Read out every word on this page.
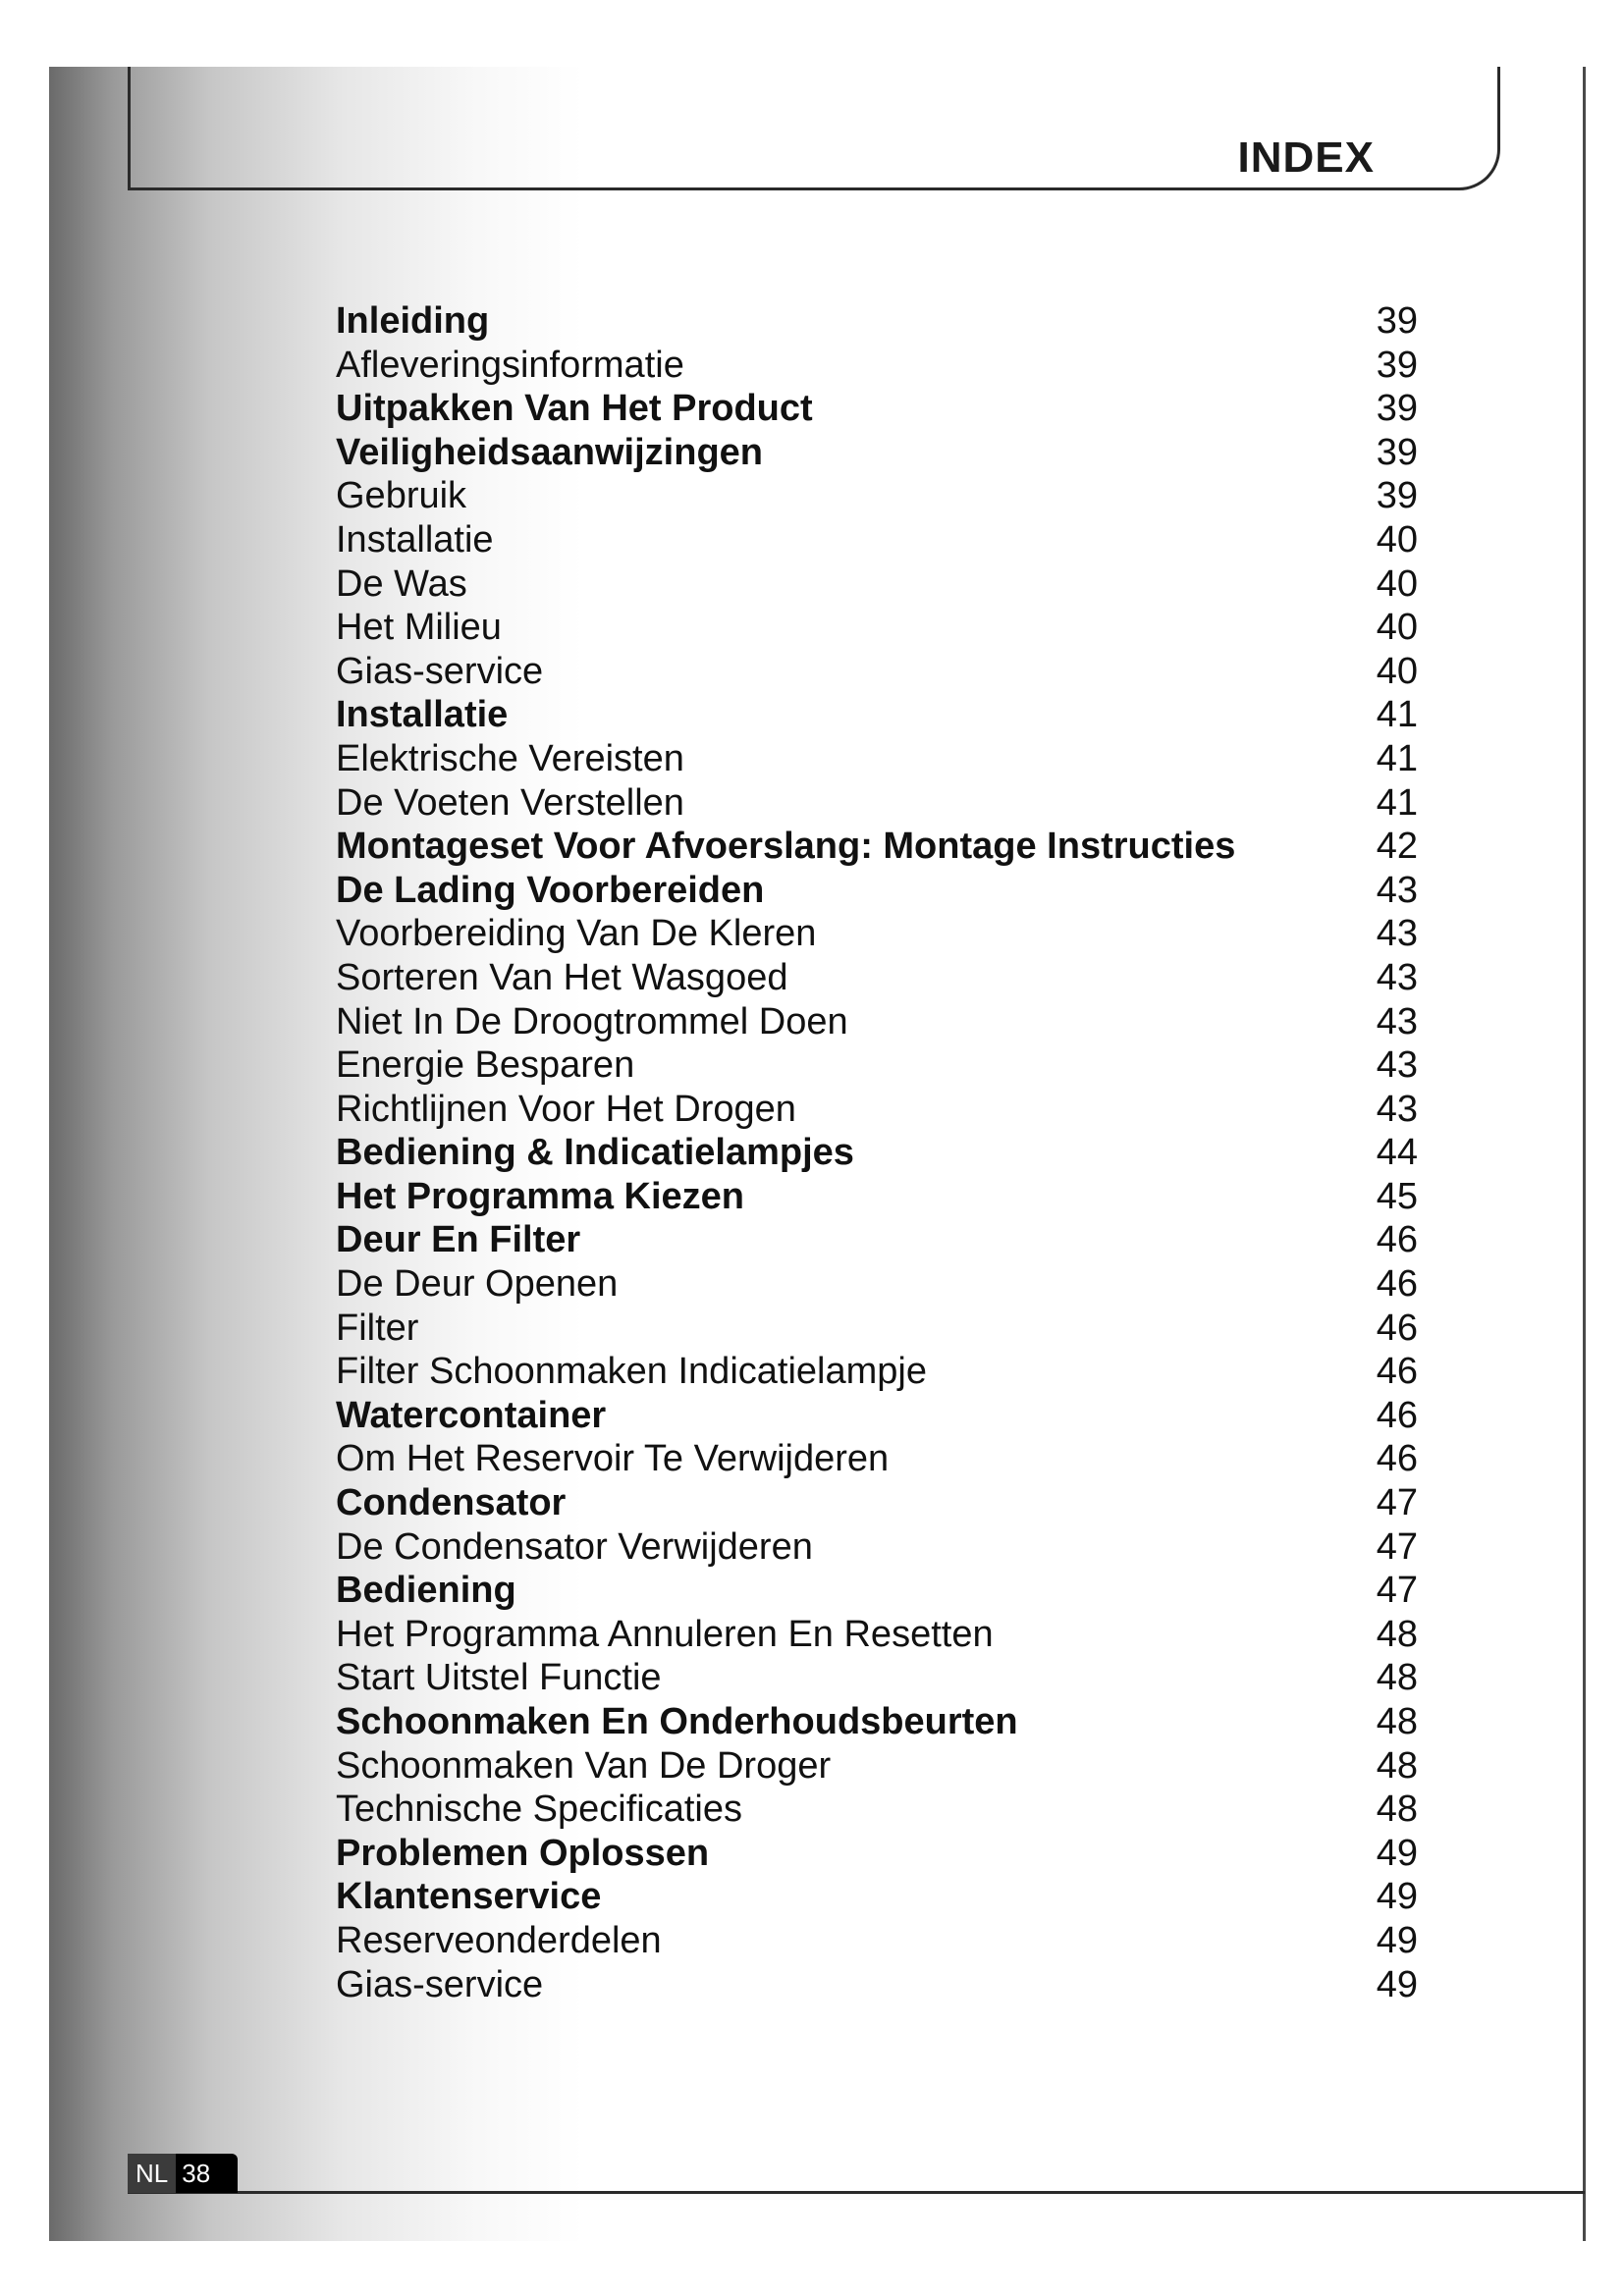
INDEX
Inleiding	39
Afleveringsinformatie	39
Uitpakken Van Het Product	39
Veiligheidsaanwijzingen	39
Gebruik	39
Installatie	40
De Was	40
Het Milieu	40
Gias-service	40
Installatie	41
Elektrische Vereisten	41
De Voeten Verstellen	41
Montageset Voor Afvoerslang: Montage Instructies	42
De Lading Voorbereiden	43
Voorbereiding Van De Kleren	43
Sorteren Van Het Wasgoed	43
Niet In De Droogtrommel Doen	43
Energie Besparen	43
Richtlijnen Voor Het Drogen	43
Bediening & Indicatielampjes	44
Het Programma Kiezen	45
Deur En Filter	46
De Deur Openen	46
Filter	46
Filter Schoonmaken Indicatielampje	46
Watercontainer	46
Om Het Reservoir Te Verwijderen	46
Condensator	47
De Condensator Verwijderen	47
Bediening	47
Het Programma Annuleren En Resetten	48
Start Uitstel Functie	48
Schoonmaken En Onderhoudsbeurten	48
Schoonmaken Van De Droger	48
Technische Specificaties	48
Problemen Oplossen	49
Klantenservice	49
Reserveonderdelen	49
Gias-service	49
NL 38
